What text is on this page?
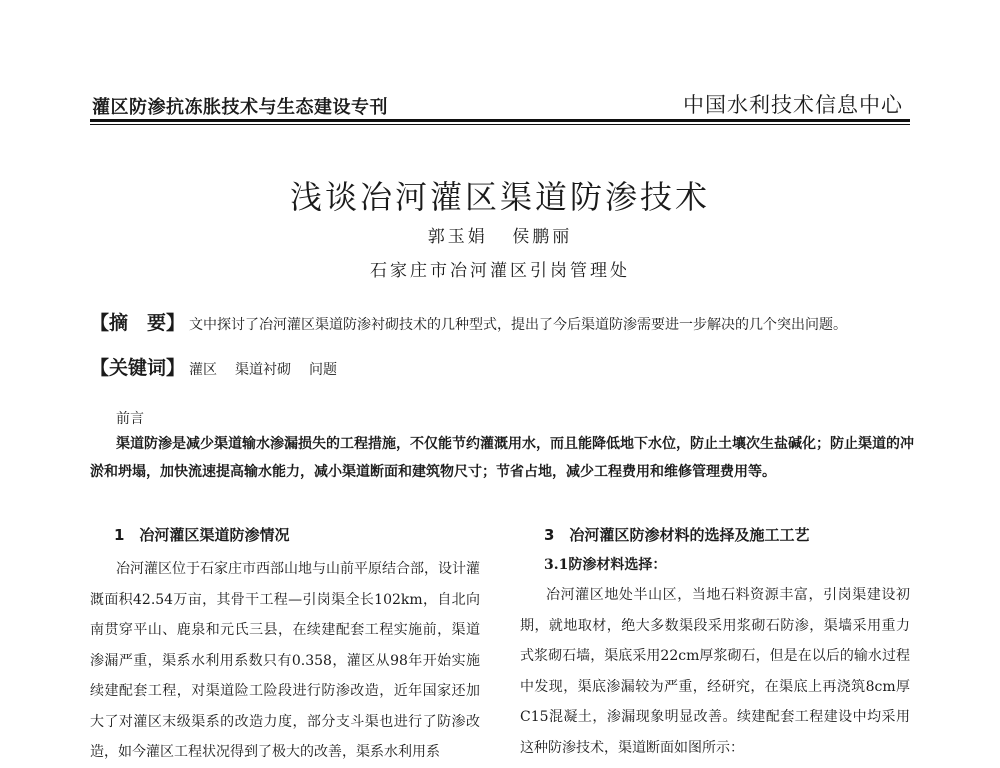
灌区防渗抗冻胀技术与生态建设专刊	中国水利技术信息中心
浅谈冶河灌区渠道防渗技术
郭玉娟 侯鹏丽
石家庄市冶河灌区引岗管理处
【摘　要】 文中探讨了冶河灌区渠道防渗衬砌技术的几种型式，提出了今后渠道防渗需要进一步解决的几个突出问题。
【关键词】 灌区 渠道衬砌 问题
前言

渠道防渗是减少渠道输水渗漏损失的工程措施，不仅能节约灌溉用水，而且能降低地下水位，防止土壤次生盐碱化；防止渠道的冲淤和坍塌，加快流速提高输水能力，减小渠道断面和建筑物尺寸；节省占地，减少工程费用和维修管理费用等。

1　冶河灌区渠道防渗情况

冶河灌区位于石家庄市西部山地与山前平原结合部，设计灌溉面积42.54万亩，其骨干工程—引岗渠全长102km，自北向南贯穿平山、鹿泉和元氏三县，在续建配套工程实施前，渠道渗漏严重，渠系水利用系数只有0.358，灌区从98年开始实施续建配套工程，对渠道险工险段进行防渗改造，近年国家还加大了对灌区末级渠系的改造力度，部分支斗渠也进行了防渗改造，如今灌区工程状况得到了极大的改善，渠系水利用系

3　冶河灌区防渗材料的选择及施工工艺
3.1防渗材料选择：

冶河灌区地处半山区，当地石料资源丰富，引岗渠建设初期，就地取材，绝大多数渠段采用浆砌石防渗，渠墙采用重力式浆砌石墙，渠底采用22cm厚浆砌石，但是在以后的输水过程中发现，渠底渗漏较为严重，经研究，在渠底上再浇筑8cm厚C15混凝土，渗漏现象明显改善。续建配套工程建设中均采用这种防渗技术，渠道断面如图所示：
